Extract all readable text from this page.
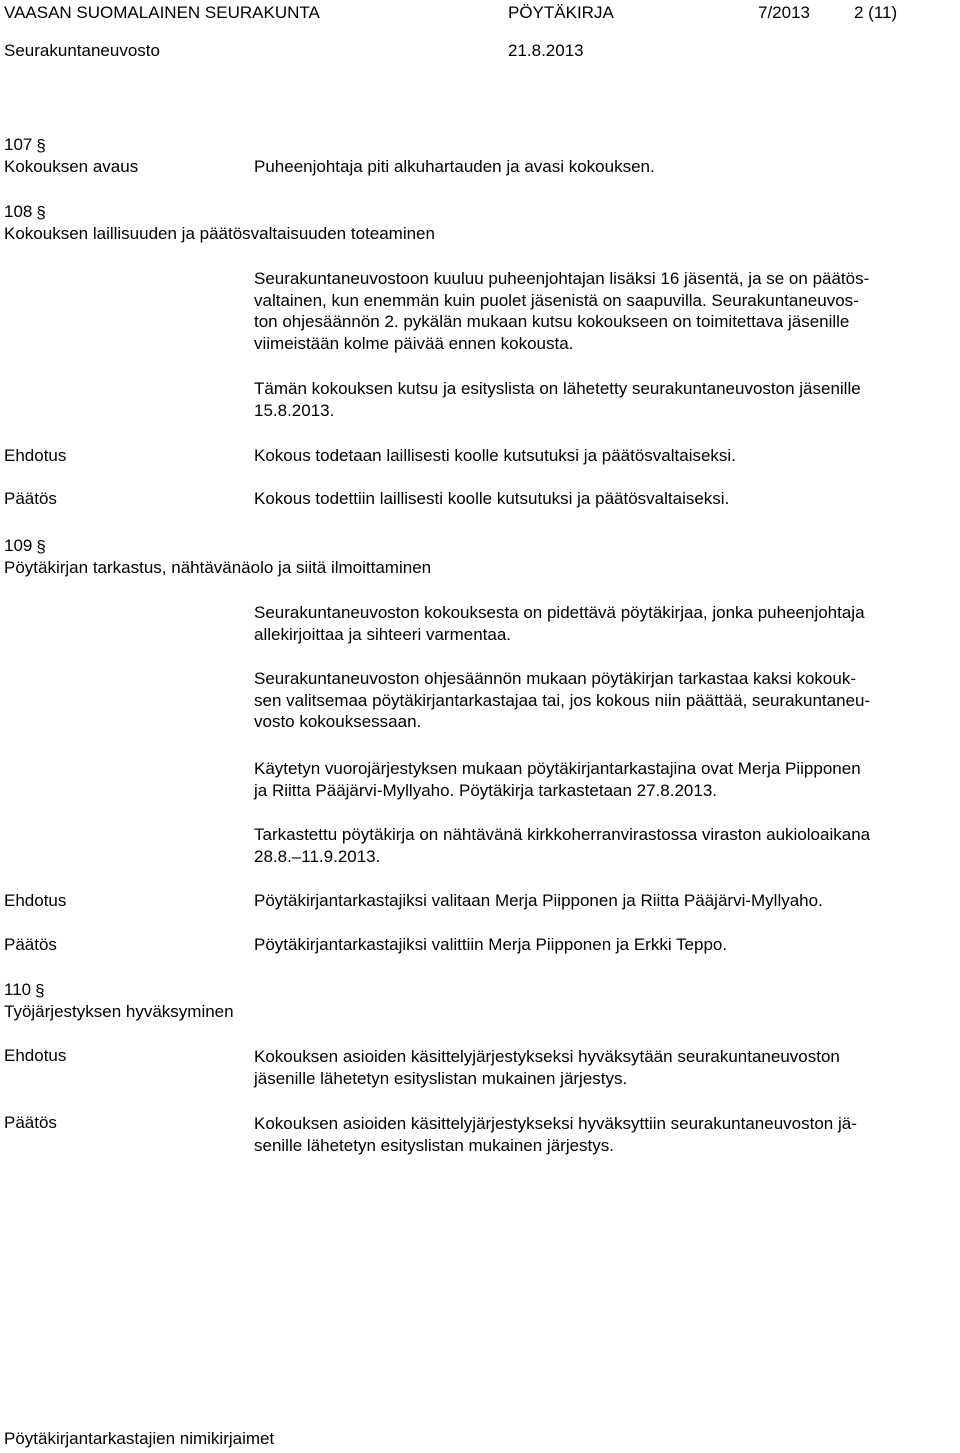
VAASAN SUOMALAINEN SEURAKUNTA	PÖYTÄKIRJA	7/2013	2 (11)
Seurakuntaneuvosto	21.8.2013
107 §
Kokouksen avaus	Puheenjohtaja piti alkuhartauden ja avasi kokouksen.
108 §
Kokouksen laillisuuden ja päätösvaltaisuuden toteaminen

Seurakuntaneuvostoon kuuluu puheenjohtajan lisäksi 16 jäsentä, ja se on päätös-
valtainen, kun enemmän kuin puolet jäsenistä on saapuvilla. Seurakuntaneuvos-
ton ohjesäännön 2. pykälän mukaan kutsu kokoukseen on toimitettava jäsenille
viimeistään kolme päivää ennen kokousta.

Tämän kokouksen kutsu ja esityslista on lähetetty seurakuntaneuvoston jäsenille
15.8.2013.

Ehdotus	Kokous todetaan laillisesti koolle kutsutuksi ja päätösvaltaiseksi.
Päätös	Kokous todettiin laillisesti koolle kutsutuksi ja päätösvaltaiseksi.
109 §
Pöytäkirjan tarkastus, nähtävänäolo ja siitä ilmoittaminen

Seurakuntaneuvoston kokouksesta on pidettävä pöytäkirjaa, jonka puheenjohtaja
allekirjoittaa ja sihteeri varmentaa.

Seurakuntaneuvoston ohjesäännön mukaan pöytäkirjan tarkastaa kaksi kokouk-
sen valitsemaa pöytäkirjantarkastajaa tai, jos kokous niin päättää, seurakuntaneu-
vosto kokouksessaan.

Käytetyn vuorojärjestyksen mukaan pöytäkirjantarkastajina ovat Merja Piipponen
ja Riitta Pääjärvi-Myllyaho. Pöytäkirja tarkastetaan 27.8.2013.

Tarkastettu pöytäkirja on nähtävänä kirkkoherranvirastossa viraston aukioloaikana
28.8.–11.9.2013.

Ehdotus	Pöytäkirjantarkastajiksi valitaan Merja Piipponen ja Riitta Pääjärvi-Myllyaho.
Päätös	Pöytäkirjantarkastajiksi valittiin Merja Piipponen ja Erkki Teppo.
110 §
Työjärjestyksen hyväksyminen
Ehdotus	Kokouksen asioiden käsittelyjärjestykseksi hyväksytään seurakuntaneuvoston
jäsenille lähetetyn esityslistan mukainen järjestys.

Päätös	Kokouksen asioiden käsittelyjärjestykseksi hyväksyttiin seurakuntaneuvoston jä-
senille lähetetyn esityslistan mukainen järjestys.

Pöytäkirjantarkastajien nimikirjaimet
